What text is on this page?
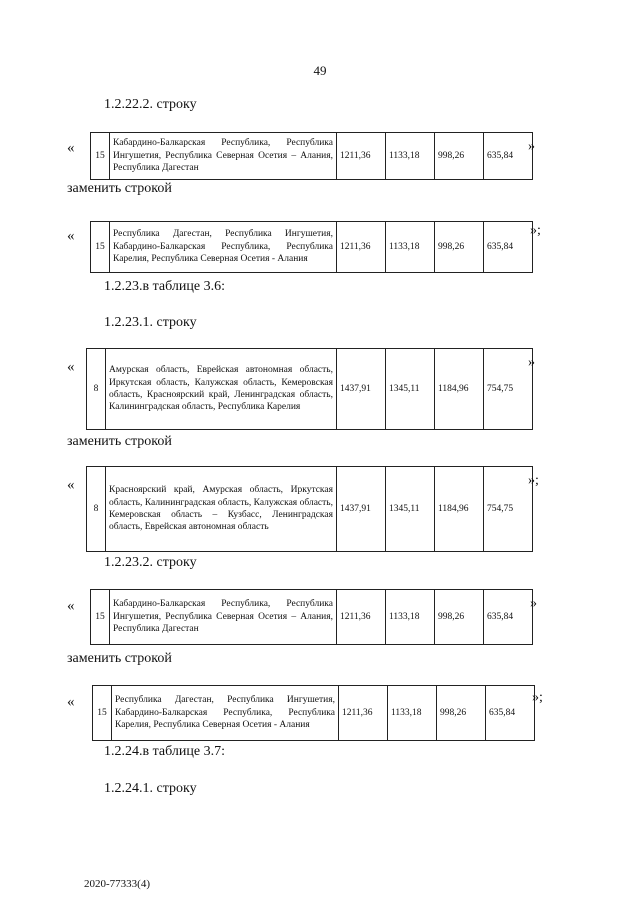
49
1.2.22.2. строку
« 15	Кабардино-Балкарская Республика, Республика Ингушетия, Республика Северная Осетия – Алания, Республика Дагестан	1211,36	1133,18	998,26	635,84
»
заменить строкой
«
15	Республика Дагестан, Республика Ингушетия, Кабардино-Балкарская Республика, Республика Карелия, Республика Северная Осетия - Алания	1211,36	1133,18	998,26	635,84
»;
1.2.23.в таблице 3.6:
1.2.23.1. строку
«
8	Амурская область, Еврейская автономная область, Иркутская область, Калужская область, Кемеровская область, Красноярский край, Ленинградская область, Калининградская область, Республика Карелия	1437,91	1345,11	1184,96	754,75
»
заменить строкой
«
8	Красноярский край, Амурская область, Иркутская область, Калининградская область, Калужская область, Кемеровская область – Кузбасс, Ленинградская область, Еврейская автономная область	1437,91	1345,11	1184,96	754,75
»;
1.2.23.2. строку
«
15	Кабардино-Балкарская Республика, Республика Ингушетия, Республика Северная Осетия – Алания, Республика Дагестан	1211,36	1133,18	998,26	635,84
»
заменить строкой
«
15	Республика Дагестан, Республика Ингушетия, Кабардино-Балкарская Республика, Республика Карелия, Республика Северная Осетия - Алания	1211,36	1133,18	998,26	635,84
»;
1.2.24.в таблице 3.7:
1.2.24.1. строку
2020-77333(4)
